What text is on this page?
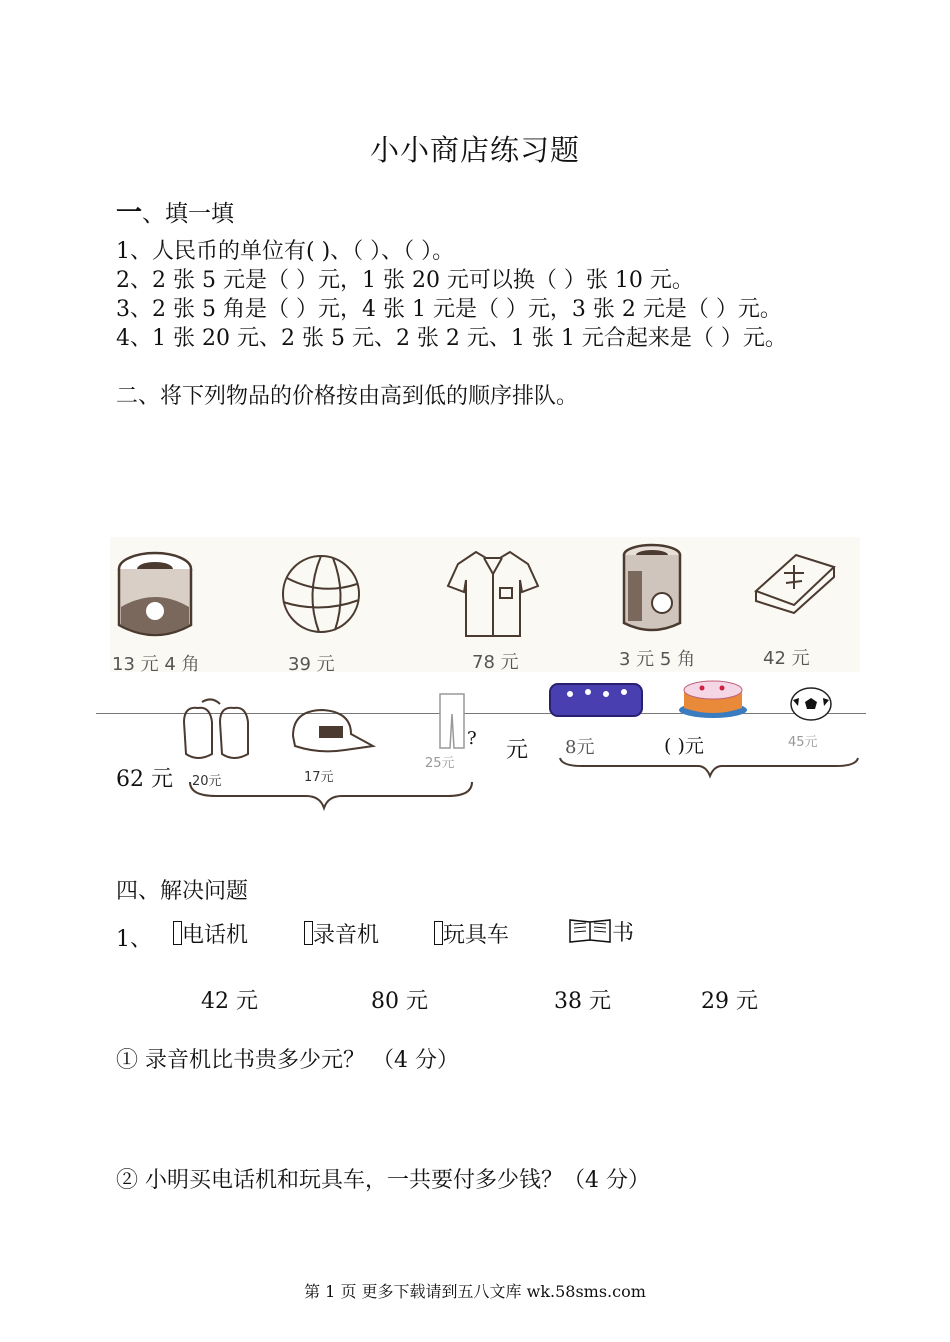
小小商店练习题
一、填一填
1、人民币的单位有( )、（ ）、（ ）。
2、2 张 5 元是（ ）元，1 张 20 元可以换（ ）张 10 元。
3、2 张 5 角是（ ）元，4 张 1 元是（ ）元，3 张 2 元是（ ）元。
4、1 张 20 元、2 张 5 元、2 张 2 元、1 张 1 元合起来是（ ）元。
二、将下列物品的价格按由高到低的顺序排队。
13 元 4 角	39 元	78 元	3 元 5 角	42 元
20元	17元
25元
? 元
62 元
8元	( )元	45元
四、解决问题
1、	电话机	录音机	玩具车	书
42 元	80 元	38 元	29 元
① 录音机比书贵多少元？ （4 分）
② 小明买电话机和玩具车，一共要付多少钱？（4 分）
第 1 页 更多下载请到五八文库 wk.58sms.com
